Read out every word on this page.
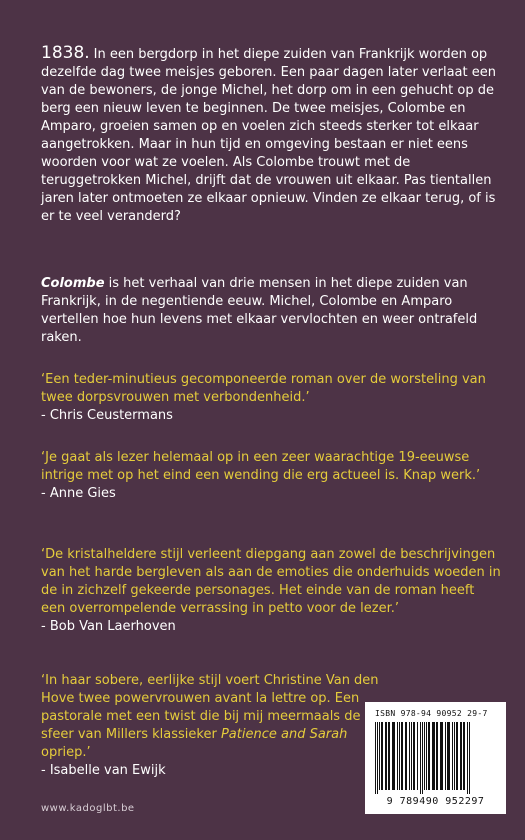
1838. In een bergdorp in het diepe zuiden van Frankrijk worden op dezelfde dag twee meisjes geboren. Een paar dagen later verlaat een van de bewoners, de jonge Michel, het dorp om in een gehucht op de berg een nieuw leven te beginnen. De twee meisjes, Colombe en Amparo, groeien samen op en voelen zich steeds sterker tot elkaar aangetrokken. Maar in hun tijd en omgeving bestaan er niet eens woorden voor wat ze voelen. Als Colombe trouwt met de teruggetrokken Michel, drijft dat de vrouwen uit elkaar. Pas tientallen jaren later ontmoeten ze elkaar opnieuw. Vinden ze elkaar terug, of is er te veel veranderd?

Colombe is het verhaal van drie mensen in het diepe zuiden van Frankrijk, in de negentiende eeuw. Michel, Colombe en Amparo vertellen hoe hun levens met elkaar vervlochten en weer ontrafeld raken.

‘Een teder-minutieus gecomponeerde roman over de worsteling van twee dorpsvrouwen met verbondenheid.’
- Chris Ceustermans
‘Je gaat als lezer helemaal op in een zeer waarachtige 19-eeuwse intrige met op het eind een wending die erg actueel is. Knap werk.’
- Anne Gies
‘De kristalheldere stijl verleent diepgang aan zowel de beschrijvingen van het harde bergleven als aan de emoties die onderhuids woeden in de in zichzelf gekeerde personages. Het einde van de roman heeft een overrompelende verrassing in petto voor de lezer.’
- Bob Van Laerhoven
‘In haar sobere, eerlijke stijl voert Christine Van den Hove twee powervrouwen avant la lettre op. Een pastorale met een twist die bij mij meermaals de sfeer van Millers klassieker Patience and Sarah opriep.’
- Isabelle van Ewijk
www.kadoglbt.be
ISBN 978-94 90952 29-7
9 789490 952297
